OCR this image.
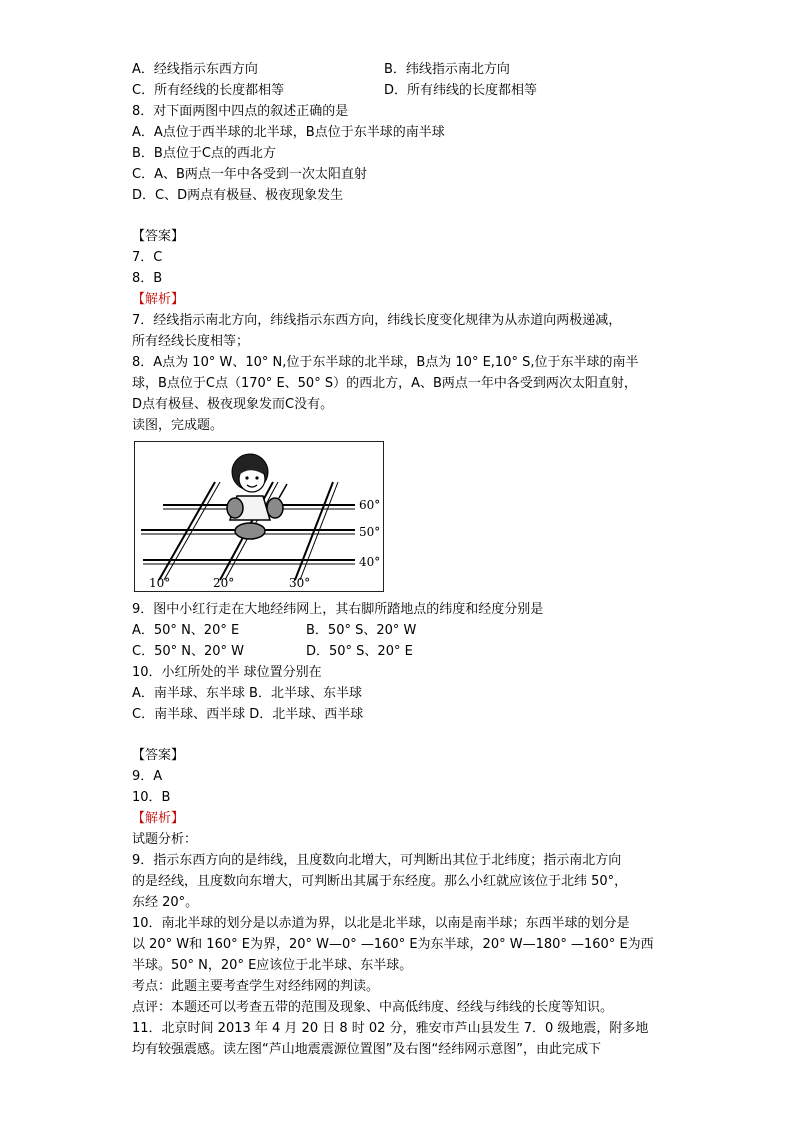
A．经线指示东西方向	B．纬线指示南北方向
C．所有经线的长度都相等	D．所有纬线的长度都相等
8．对下面两图中四点的叙述正确的是
A．A点位于西半球的北半球，B点位于东半球的南半球
B．B点位于C点的西北方
C．A、B两点一年中各受到一次太阳直射
D．C、D两点有极昼、极夜现象发生
【答案】
7．C
8．B
【解析】
7．经线指示南北方向，纬线指示东西方向，纬线长度变化规律为从赤道向两极递减，
所有经线长度相等；
8．A点为 10° W、10° N,位于东半球的北半球，B点为 10° E,10° S,位于东半球的南半
球，B点位于C点（170° E、50° S）的西北方，A、B两点一年中各受到两次太阳直射，
D点有极昼、极夜现象发而C没有。
读图，完成题。
60°
50°
40°
10°	20°	30°
9．图中小红行走在大地经纬网上，其右脚所踏地点的纬度和经度分别是
A．50° N、20° E	B．50° S、20° W
C．50° N、20° W	D．50° S、20° E
10．小红所处的半 球位置分别在
A．南半球、东半球 B．北半球、东半球
C．南半球、西半球 D．北半球、西半球
【答案】
9．A
10．B
【解析】
试题分析：
9．指示东西方向的是纬线，且度数向北增大，可判断出其位于北纬度；指示南北方向
的是经线，且度数向东增大，可判断出其属于东经度。那么小红就应该位于北纬 50°，
东经 20°。
10．南北半球的划分是以赤道为界，以北是北半球，以南是南半球；东西半球的划分是
以 20° W和 160° E为界，20° W—0° —160° E为东半球，20° W—180° —160° E为西
半球。50° N，20° E应该位于北半球、东半球。
考点：此题主要考查学生对经纬网的判读。
点评：本题还可以考查五带的范围及现象、中高低纬度、经线与纬线的长度等知识。
11．北京时间 2013 年 4 月 20 日 8 时 02 分，雅安市芦山县发生 7．0 级地震，附多地
均有较强震感。读左图“芦山地震震源位置图”及右图“经纬网示意图”，由此完成下
